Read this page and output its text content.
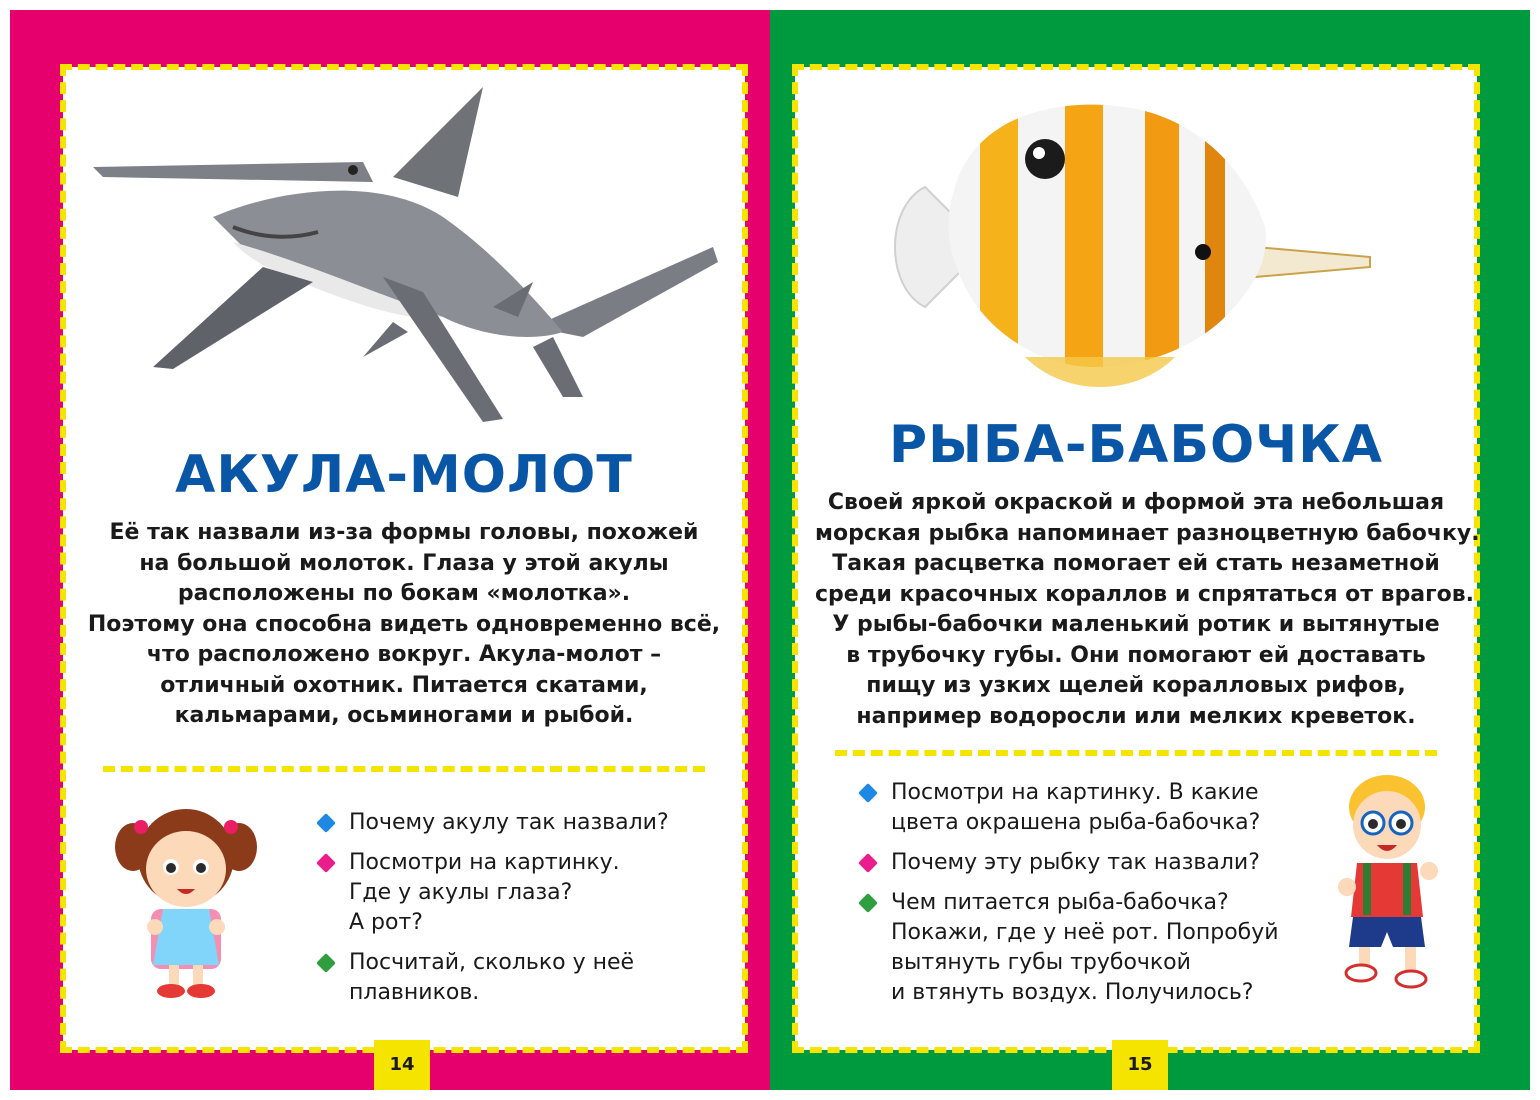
АКУЛА-МОЛОТ
Её так назвали из-за формы головы, похожей
на большой молоток. Глаза у этой акулы
расположены по бокам «молотка».
Поэтому она способна видеть одновременно всё,
что расположено вокруг. Акула-молот –
отличный охотник. Питается скатами,
кальмарами, осьминогами и рыбой.
Почему акулу так назвали?
Посмотри на картинку.
Где у акулы глаза?
А рот?
Посчитай, сколько у неё
плавников.
14
РЫБА-БАБОЧКА
Своей яркой окраской и формой эта небольшая
морская рыбка напоминает разноцветную бабочку.
Такая расцветка помогает ей стать незаметной
среди красочных кораллов и спрятаться от врагов.
У рыбы-бабочки маленький ротик и вытянутые
в трубочку губы. Они помогают ей доставать
пищу из узких щелей коралловых рифов,
например водоросли или мелких креветок.
Посмотри на картинку. В какие
цвета окрашена рыба-бабочка?
Почему эту рыбку так назвали?
Чем питается рыба-бабочка?
Покажи, где у неё рот. Попробуй
вытянуть губы трубочкой
и втянуть воздух. Получилось?
15
